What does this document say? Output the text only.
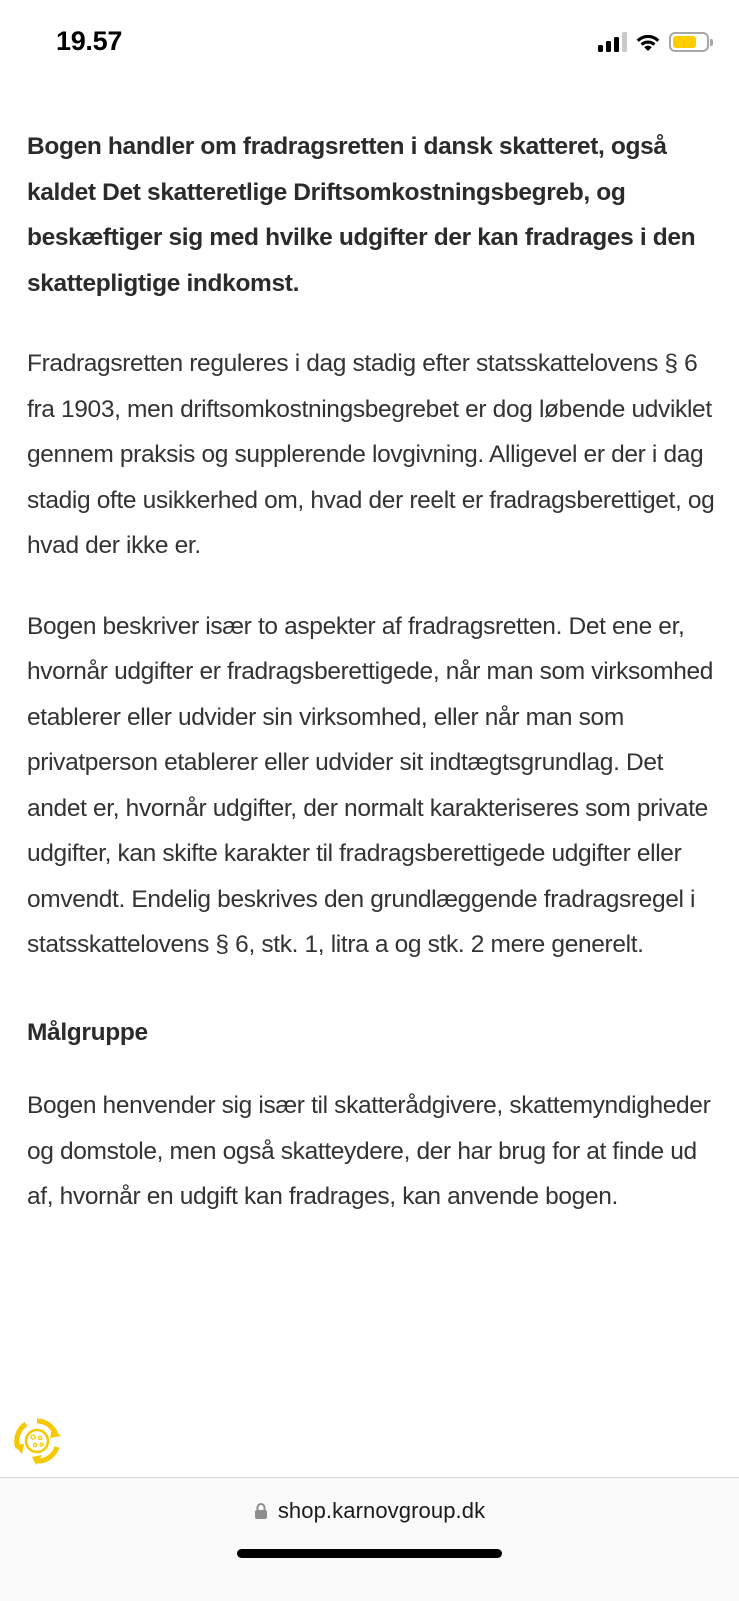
19.57

Bogen handler om fradragsretten i dansk skatteret, også kaldet Det skatteretlige Driftsomkostningsbegreb, og beskæftiger sig med hvilke udgifter der kan fradrages i den skattepligtige indkomst.

Fradragsretten reguleres i dag stadig efter statsskattelovens § 6 fra 1903, men driftsomkostningsbegrebet er dog løbende udviklet gennem praksis og supplerende lovgivning. Alligevel er der i dag stadig ofte usikkerhed om, hvad der reelt er fradragsberettiget, og hvad der ikke er.

Bogen beskriver især to aspekter af fradragsretten. Det ene er, hvornår udgifter er fradragsberettigede, når man som virksomhed etablerer eller udvider sin virksomhed, eller når man som privatperson etablerer eller udvider sit indtægtsgrundlag. Det andet er, hvornår udgifter, der normalt karakteriseres som private udgifter, kan skifte karakter til fradragsberettigede udgifter eller omvendt. Endelig beskrives den grundlæggende fradragsregel i statsskattelovens § 6, stk. 1, litra a og stk. 2 mere generelt.

Målgruppe

Bogen henvender sig især til skatterådgivere, skattemyndigheder og domstole, men også skatteydere, der har brug for at finde ud af, hvornår en udgift kan fradrages, kan anvende bogen.

shop.karnovgroup.dk
